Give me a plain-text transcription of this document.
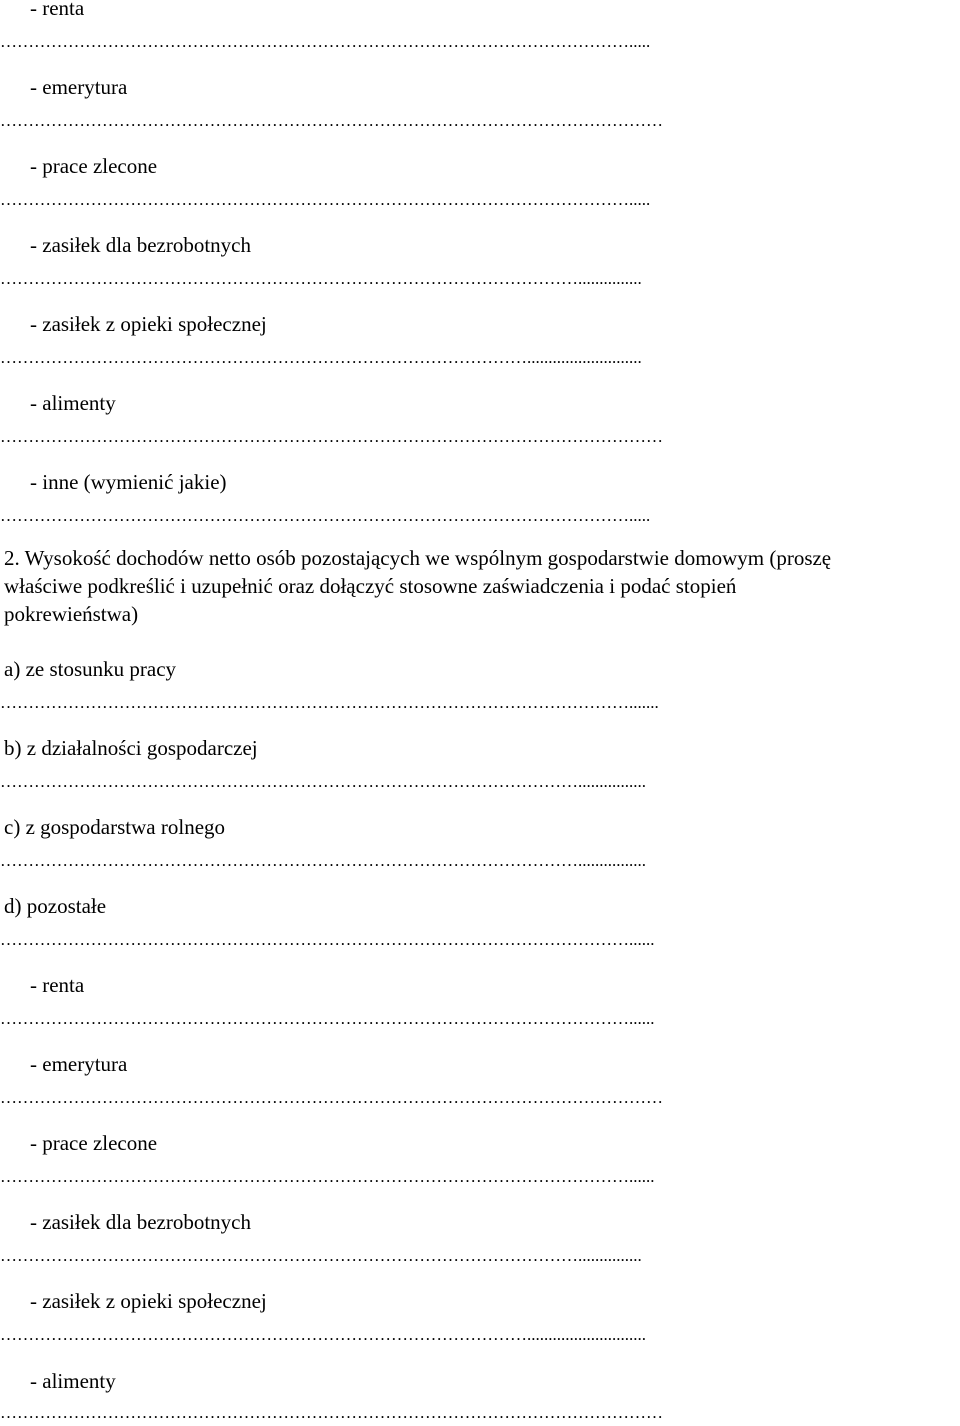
- renta
………………………………………………………………………………………………….....
- emerytura
………………………………………………………………………………………………………
- prace zlecone
………………………………………………………………………………………………….....
- zasiłek dla bezrobotnych
…………………………………………………………………………………………...............
- zasiłek z opieki społecznej
…………………………………………………………………………………...........................
- alimenty
………………………………………………………………………………………………………
- inne (wymienić jakie)
………………………………………………………………………………………………….....
2. Wysokość dochodów netto osób pozostających we wspólnym gospodarstwie domowym (proszę
właściwe podkreślić i uzupełnić oraz dołączyć stosowne zaświadczenia i podać stopień
pokrewieństwa)
a) ze stosunku pracy
………………………………………………………………………………………………….......
b) z działalności gospodarczej
…………………………………………………………………………………………................
c) z gospodarstwa rolnego
…………………………………………………………………………………………................
d) pozostałe
…………………………………………………………………………………………………......
- renta
…………………………………………………………………………………………………......
- emerytura
………………………………………………………………………………………………………
- prace zlecone
…………………………………………………………………………………………………......
- zasiłek dla bezrobotnych
…………………………………………………………………………………………...............
- zasiłek z opieki społecznej
…………………………………………………………………………………............................
- alimenty
………………………………………………………………………………………………………
